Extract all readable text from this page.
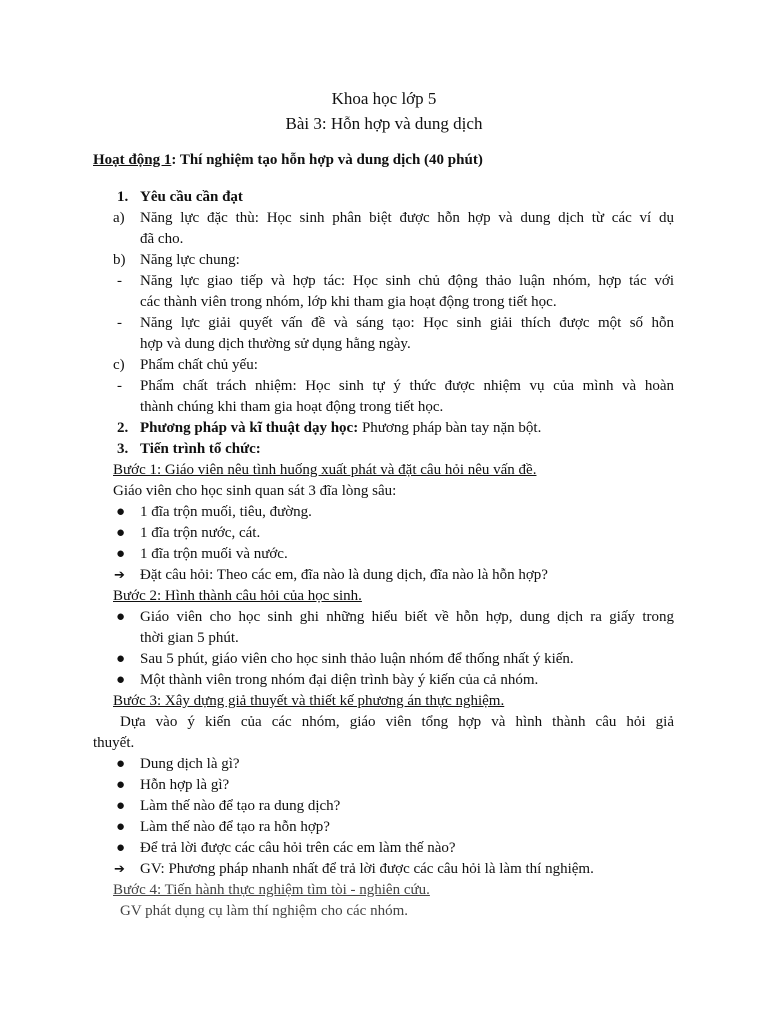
Khoa học lớp 5
Bài 3: Hỗn hợp và dung dịch
Hoạt động 1: Thí nghiệm tạo hỗn hợp và dung dịch (40 phút)
1. Yêu cầu cần đạt
a) Năng lực đặc thù: Học sinh phân biệt được hỗn hợp và dung dịch từ các ví dụ
đã cho.
b) Năng lực chung:
- Năng lực giao tiếp và hợp tác: Học sinh chủ động thảo luận nhóm, hợp tác với
các thành viên trong nhóm, lớp khi tham gia hoạt động trong tiết học.
- Năng lực giải quyết vấn đề và sáng tạo: Học sinh giải thích được một số hỗn
hợp và dung dịch thường sử dụng hằng ngày.
c) Phẩm chất chủ yếu:
- Phẩm chất trách nhiệm: Học sinh tự ý thức được nhiệm vụ của mình và hoàn
thành chúng khi tham gia hoạt động trong tiết học.
2. Phương pháp và kĩ thuật dạy học: Phương pháp bàn tay nặn bột.
3. Tiến trình tổ chức:
Bước 1: Giáo viên nêu tình huống xuất phát và đặt câu hỏi nêu vấn đề.
Giáo viên cho học sinh quan sát 3 đĩa lòng sâu:
● 1 đĩa trộn muối, tiêu, đường.
● 1 đĩa trộn nước, cát.
● 1 đĩa trộn muối và nước.
➔ Đặt câu hỏi: Theo các em, đĩa nào là dung dịch, đĩa nào là hỗn hợp?
Bước 2: Hình thành câu hỏi của học sinh.
● Giáo viên cho học sinh ghi những hiểu biết về hỗn hợp, dung dịch ra giấy trong
thời gian 5 phút.
● Sau 5 phút, giáo viên cho học sinh thảo luận nhóm để thống nhất ý kiến.
● Một thành viên trong nhóm đại diện trình bày ý kiến của cả nhóm.
Bước 3: Xây dựng giả thuyết và thiết kế phương án thực nghiệm.
Dựa vào ý kiến của các nhóm, giáo viên tổng hợp và hình thành câu hỏi giả
thuyết.
● Dung dịch là gì?
● Hỗn hợp là gì?
● Làm thế nào để tạo ra dung dịch?
● Làm thế nào để tạo ra hỗn hợp?
● Để trả lời được các câu hỏi trên các em làm thế nào?
➔ GV: Phương pháp nhanh nhất để trả lời được các câu hỏi là làm thí nghiệm.
Bước 4: Tiến hành thực nghiệm tìm tòi - nghiên cứu.
GV phát dụng cụ làm thí nghiệm cho các nhóm.
